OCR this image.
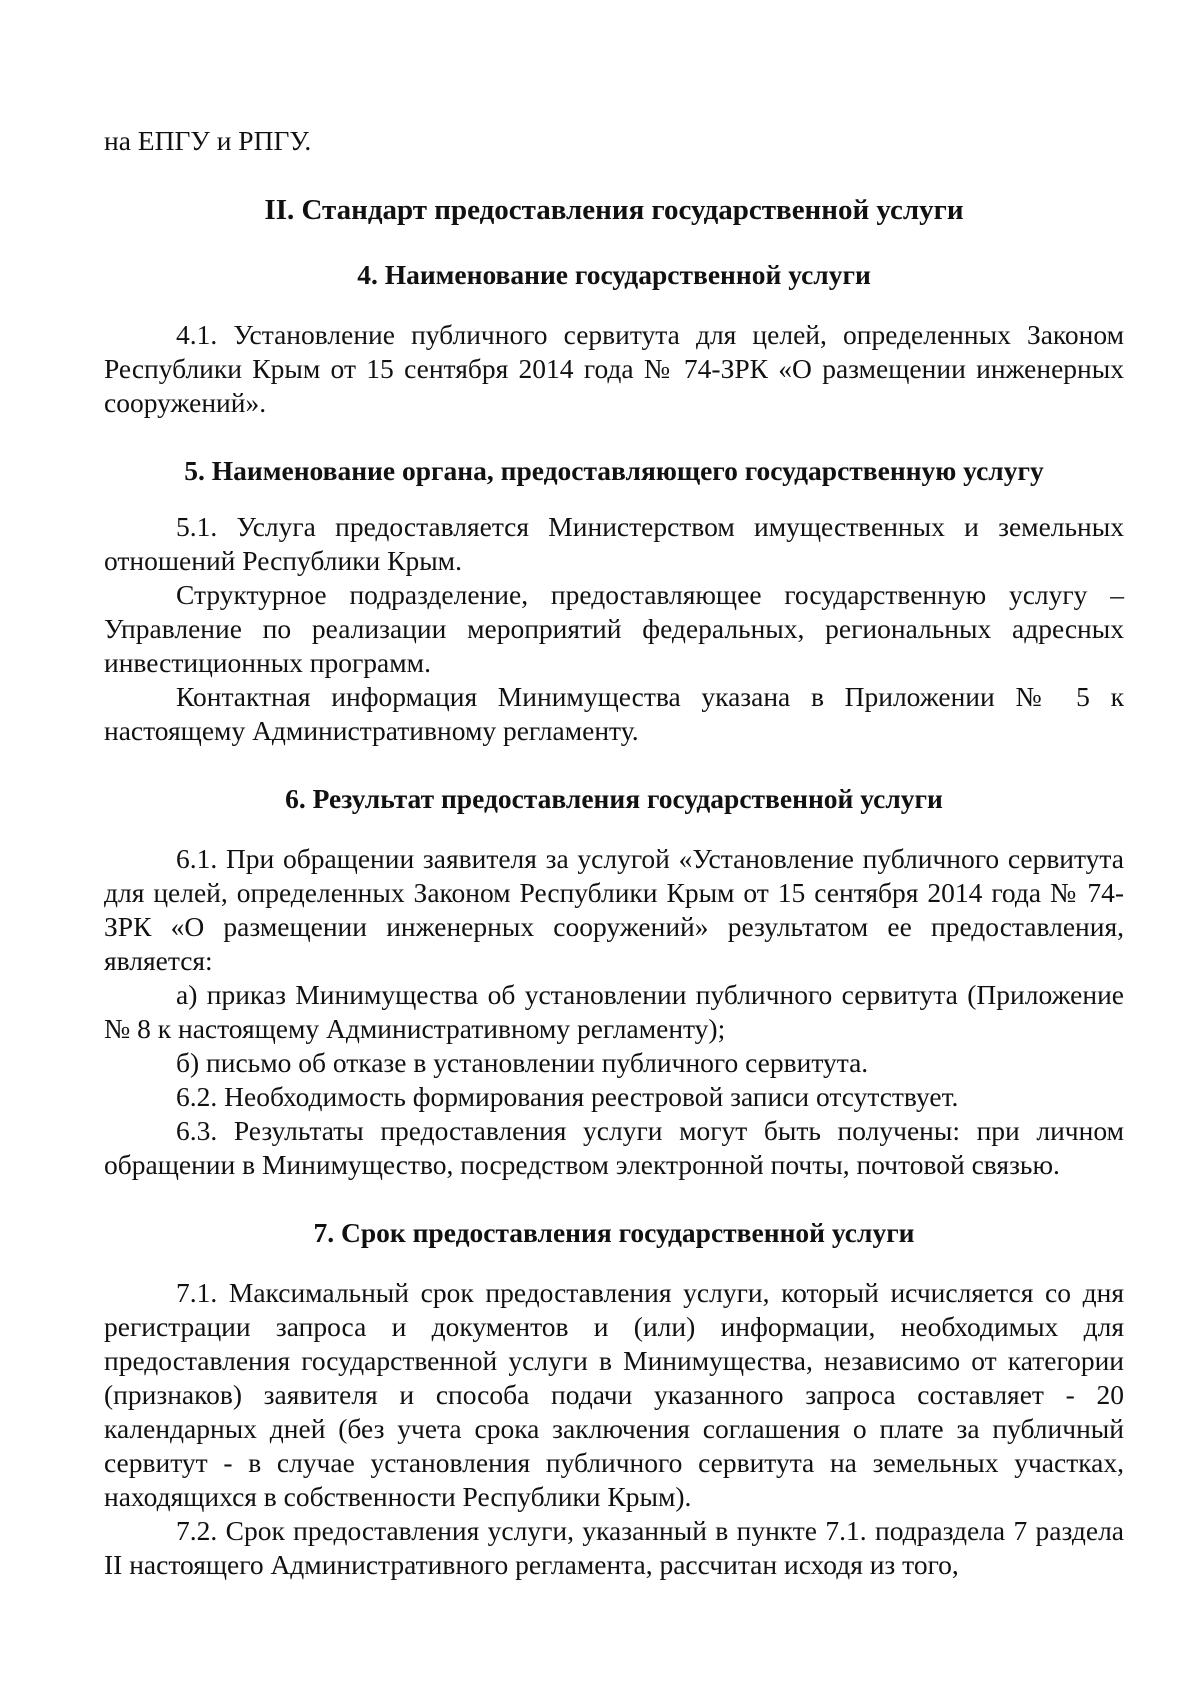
на ЕПГУ и РПГУ.

II. Стандарт предоставления государственной услуги
4. Наименование государственной услуги

4.1. Установление публичного сервитута для целей, определенных Законом Республики Крым от 15 сентября 2014 года № 74-ЗРК «О размещении инженерных сооружений».

5. Наименование органа, предоставляющего государственную услугу

5.1. Услуга предоставляется Министерством имущественных и земельных отношений Республики Крым.

Структурное подразделение, предоставляющее государственную услугу – Управление по реализации мероприятий федеральных, региональных адресных инвестиционных программ.

Контактная информация Минимущества указана в Приложении № 5 к настоящему Административному регламенту.

6. Результат предоставления государственной услуги

6.1. При обращении заявителя за услугой «Установление публичного сервитута для целей, определенных Законом Республики Крым от 15 сентября 2014 года № 74-ЗРК «О размещении инженерных сооружений» результатом ее предоставления, является:

а) приказ Минимущества об установлении публичного сервитута (Приложение № 8 к настоящему Административному регламенту);

б) письмо об отказе в установлении публичного сервитута.

6.2. Необходимость формирования реестровой записи отсутствует.

6.3. Результаты предоставления услуги могут быть получены: при личном обращении в Минимущество, посредством электронной почты, почтовой связью.

7. Срок предоставления государственной услуги

7.1. Максимальный срок предоставления услуги, который исчисляется со дня регистрации запроса и документов и (или) информации, необходимых для предоставления государственной услуги в Минимущества, независимо от категории (признаков) заявителя и способа подачи указанного запроса составляет - 20 календарных дней (без учета срока заключения соглашения о плате за публичный сервитут - в случае установления публичного сервитута на земельных участках, находящихся в собственности Республики Крым).

7.2. Срок предоставления услуги, указанный в пункте 7.1. подраздела 7 раздела II настоящего Административного регламента, рассчитан исходя из того,
